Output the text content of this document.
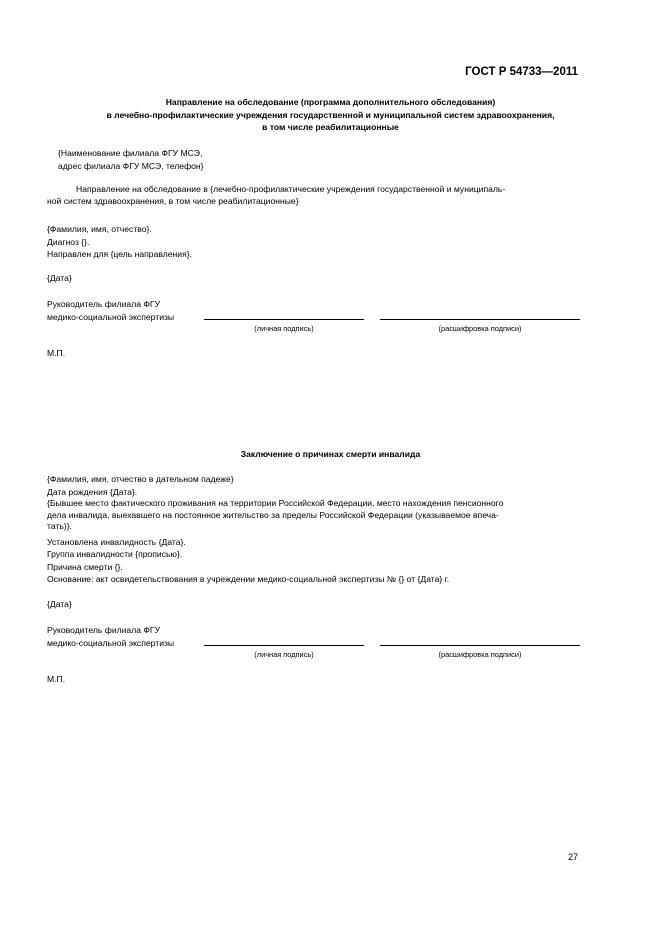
ГОСТ Р 54733—2011
Направление на обследование (программа дополнительного обследования)
в лечебно-профилактические учреждения государственной и муниципальной систем здравоохранения,
в том числе реабилитационные
{Наименование филиала ФГУ МСЭ,
адрес филиала ФГУ МСЭ, телефон}
Направление на обследование в {лечебно-профилактические учреждения государственной и муниципаль-
ной систем здравоохранения, в том числе реабилитационные}
{Фамилия, имя, отчество}.
Диагноз {}.
Направлен для {цель направления}.
{Дата}
Руководитель филиала ФГУ
медико-социальной экспертизы
(личная подпись)	(расшифровка подписи)
М.П.
Заключение о причинах смерти инвалида
{Фамилия, имя, отчество в дательном падеже}
Дата рождения {Дата}.
{Бывшее место фактического проживания на территории Российской Федерации, место нахождения пенсионного
дела инвалида, выехавшего на постоянное жительство за пределы Российской Федерации (указываемое впеча-
тать)}.
Установлена инвалидность {Дата}.
Группа инвалидности {прописью}.
Причина смерти {}.
Основание: акт освидетельствования в учреждении медико-социальной экспертизы № {} от {Дата} г.
{Дата}
Руководитель филиала ФГУ
медико-социальной экспертизы
(личная подпись)	(расшифровка подписи)
М.П.
27
